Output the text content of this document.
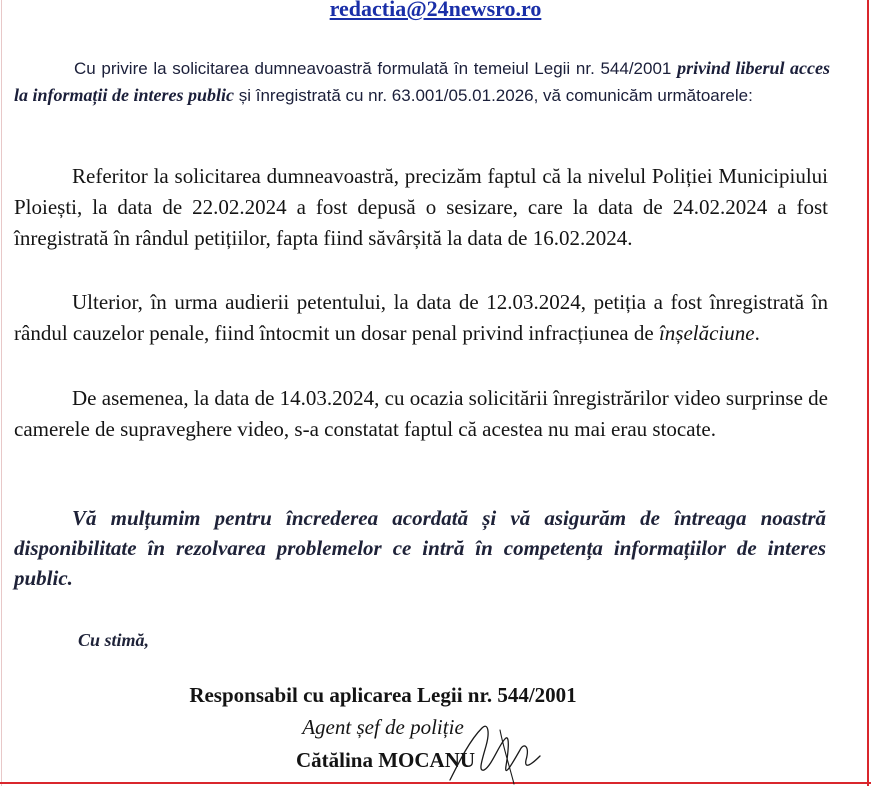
redactia@24newsro.ro

Cu privire la solicitarea dumneavoastră formulată în temeiul Legii nr. 544/2001 privind liberul acces la informații de interes public și înregistrată cu nr. 63.001/05.01.2026, vă comunicăm următoarele:

Referitor la solicitarea dumneavoastră, precizăm faptul că la nivelul Poliției Municipiului Ploiești, la data de 22.02.2024 a fost depusă o sesizare, care la data de 24.02.2024 a fost înregistrată în rândul petițiilor, fapta fiind săvârșită la data de 16.02.2024.

Ulterior, în urma audierii petentului, la data de 12.03.2024, petiția a fost înregistrată în rândul cauzelor penale, fiind întocmit un dosar penal privind infracțiunea de înșelăciune.

De asemenea, la data de 14.03.2024, cu ocazia solicitării înregistrărilor video surprinse de camerele de supraveghere video, s-a constatat faptul că acestea nu mai erau stocate.

Vă mulțumim pentru încrederea acordată și vă asigurăm de întreaga noastră disponibilitate în rezolvarea problemelor ce intră în competența informațiilor de interes public.

Cu stimă,

Responsabil cu aplicarea Legii nr. 544/2001

Agent șef de poliție

Cătălina MOCANU
